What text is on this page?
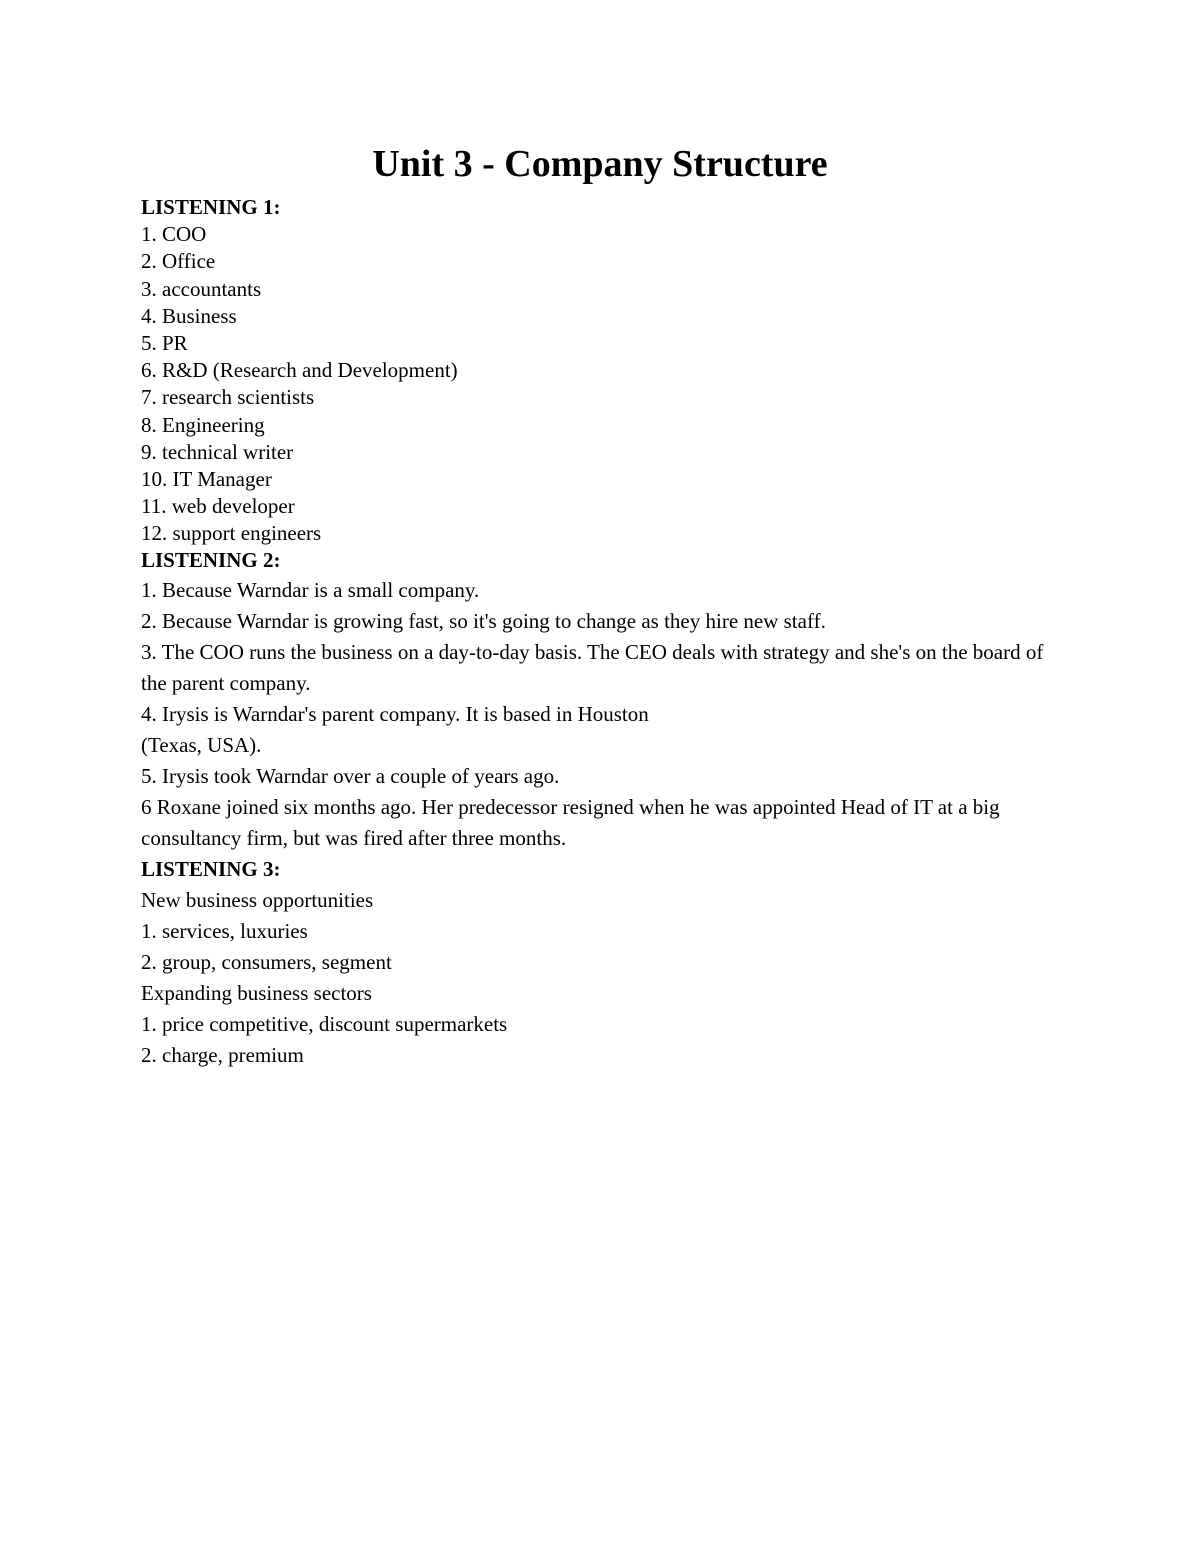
Unit 3 - Company Structure
LISTENING 1:
1. COO
2. Office
3. accountants
4. Business
5. PR
6. R&D (Research and Development)
7. research scientists
8. Engineering
9. technical writer
10. IT Manager
11. web developer
12. support engineers
LISTENING 2:
1. Because Warndar is a small company.
2. Because Warndar is growing fast, so it's going to change as they hire new staff.
3. The COO runs the business on a day-to-day basis. The CEO deals with strategy and she's on the board of the parent company.
4. Irysis is Warndar's parent company. It is based in Houston
(Texas, USA).
5. Irysis took Warndar over a couple of years ago.
6 Roxane joined six months ago. Her predecessor resigned when he was appointed Head of IT at a big consultancy firm, but was fired after three months.
LISTENING 3:
New business opportunities
1. services, luxuries
2. group, consumers, segment
Expanding business sectors
1. price competitive, discount supermarkets
2. charge, premium
